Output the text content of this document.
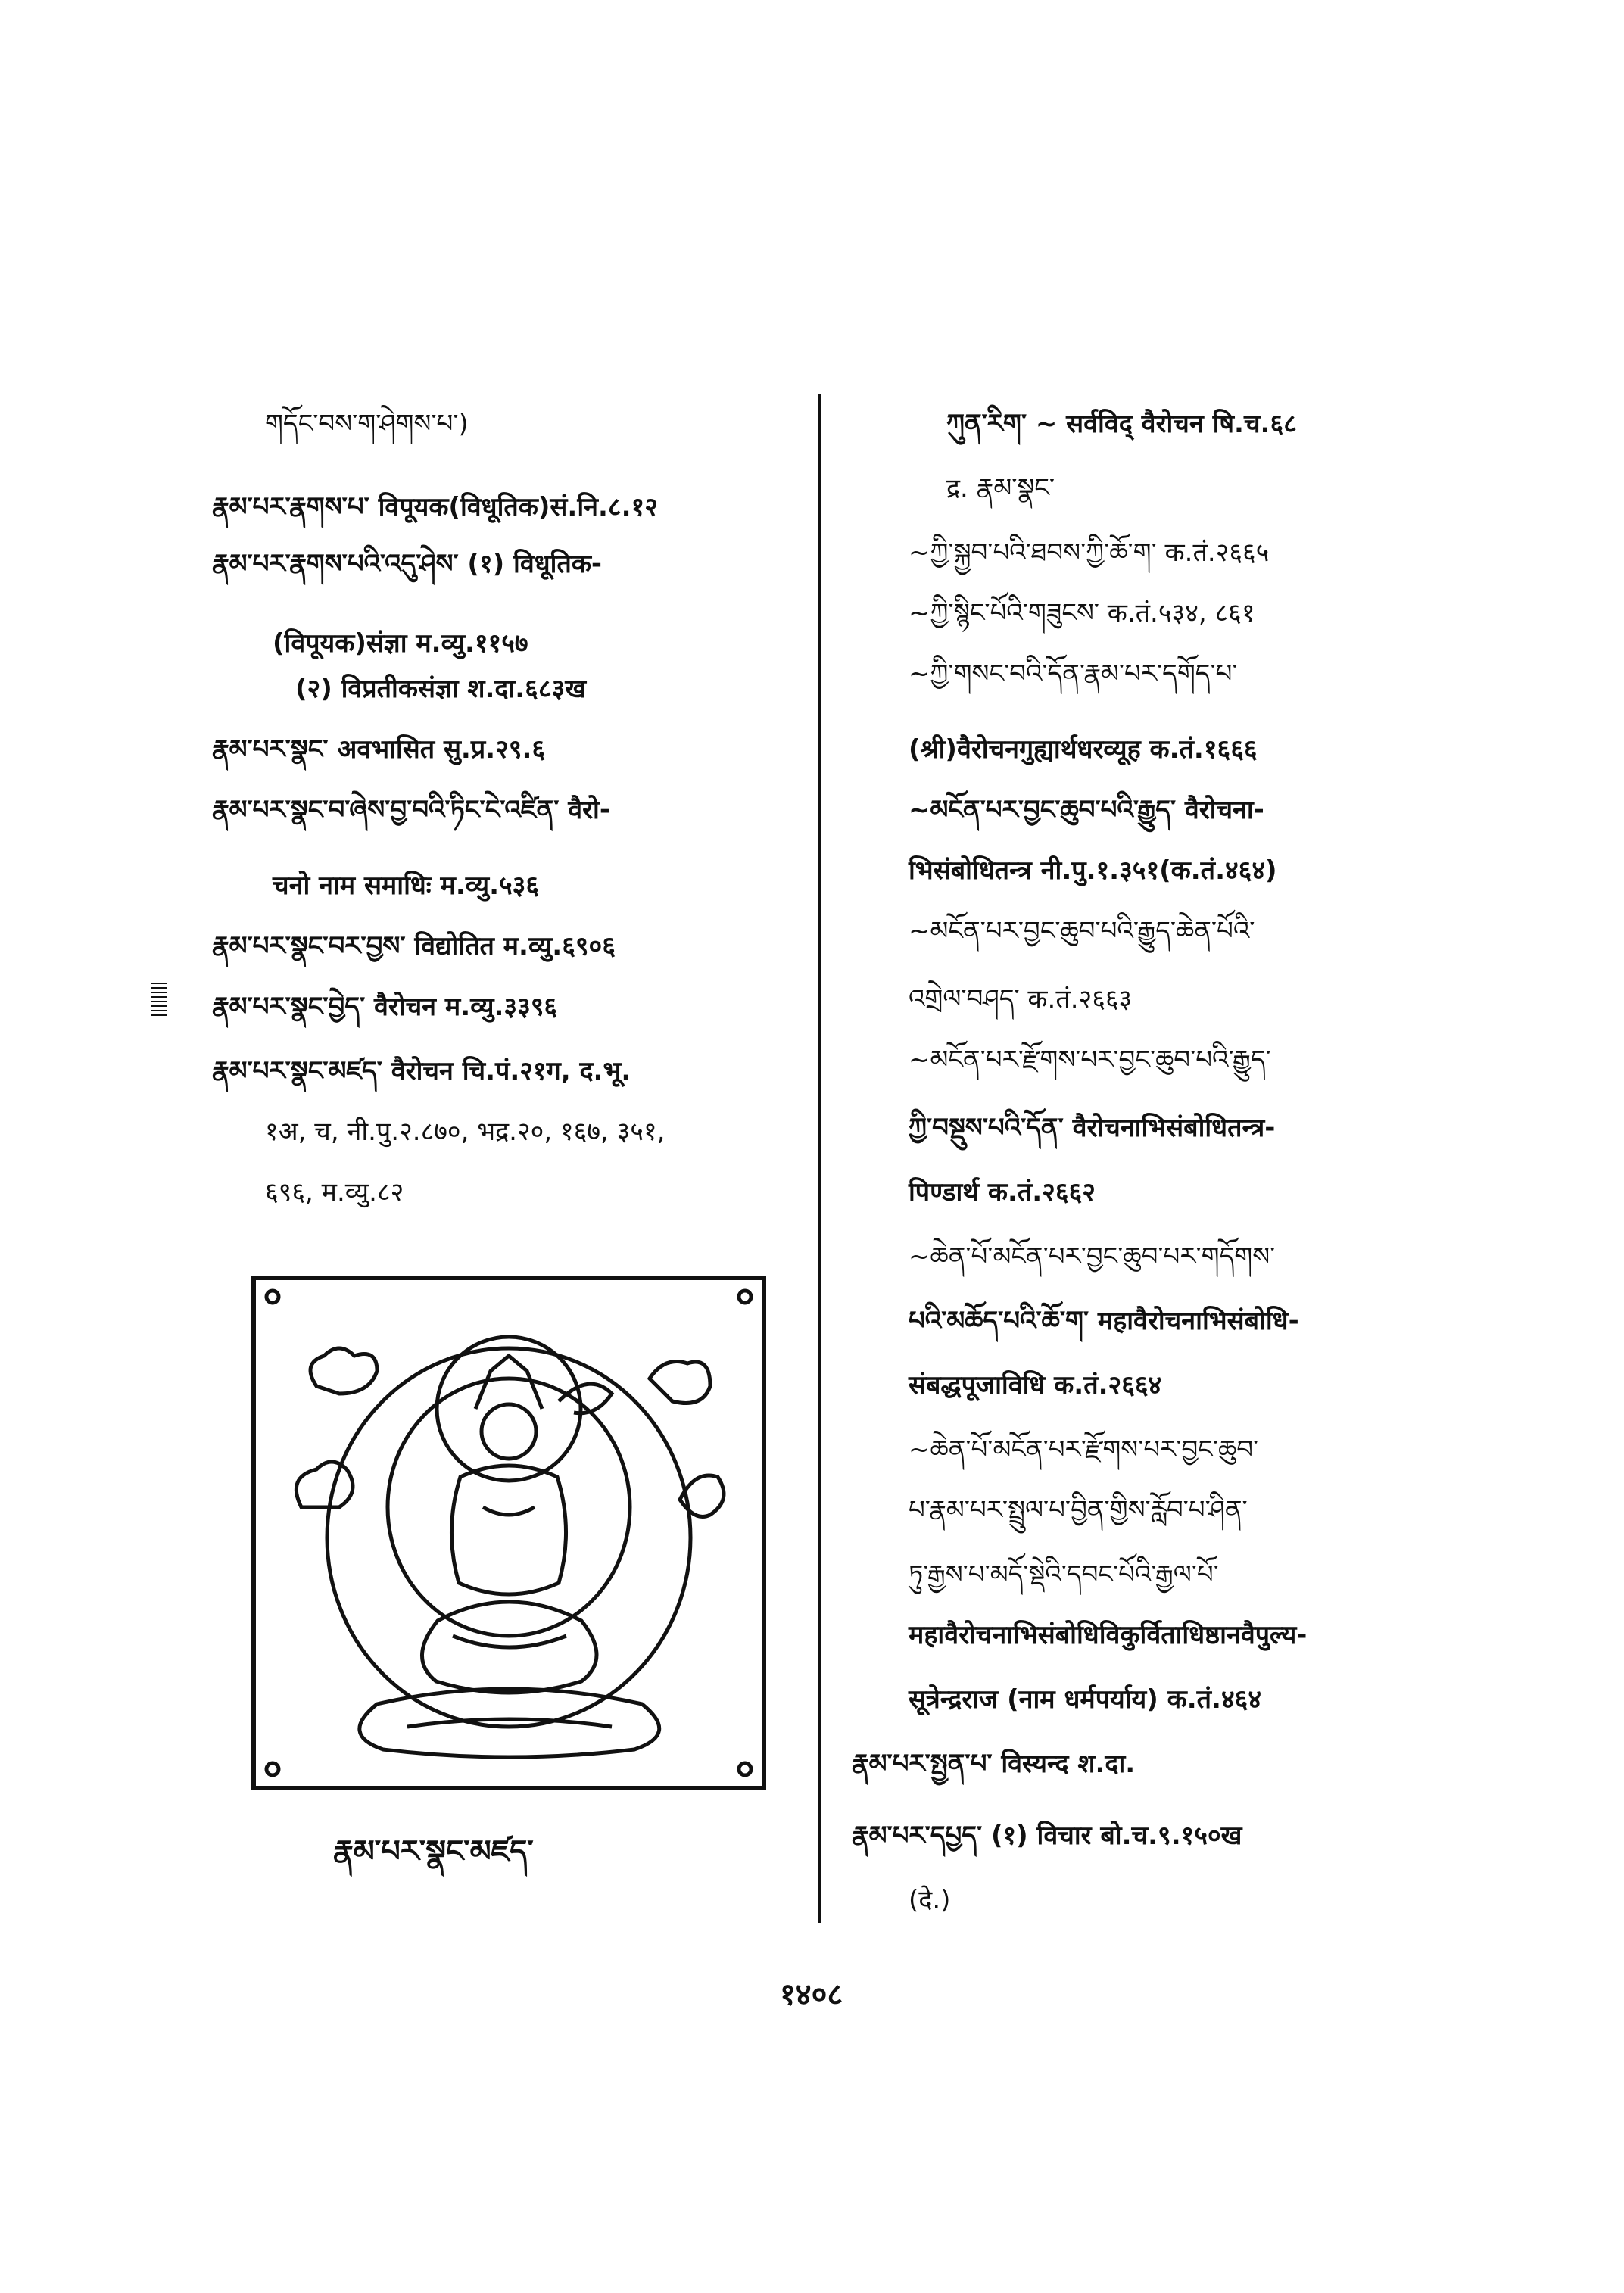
གདོང་བས་ག་ཤེགས་པ་)
རྣམ་པར་རྣགས་པ་ विपूयक(विधूतिक)सं.नि.८.१२
རྣམ་པར་རྣགས་པའི་འདུ་ཤེས་ (१) विधूतिक-
(विपूयक)संज्ञा म.व्यु.११५७
(२) विप्रतीकसंज्ञा श.दा.६८३ख
རྣམ་པར་སྣང་ अवभासित सु.प्र.२९.६
རྣམ་པར་སྣང་བ་ཞེས་བྱ་བའི་ཏིང་ངེ་འཛིན་ वैरो-
चनो नाम समाधिः म.व्यु.५३६
རྣམ་པར་སྣང་བར་བྱས་ विद्योतित म.व्यु.६९०६
རྣམ་པར་སྣང་བྱེད་ वैरोचन म.व्यु.३३९६
རྣམ་པར་སྣང་མཛད་ वैरोचन चि.पं.२१ग, द.भू.
१अ, च, नी.पु.२.८७०, भद्र.२०, १६७, ३५१,
६९६, म.व्यु.८२
ཀུན་རིག་ ~ सर्वविद् वैरोचन षि.च.६८
द्र. རྣམ་སྣང་
~ཀྱི་སྐྱབ་པའི་ཐབས་ཀྱི་ཆོ་ག་ क.तं.२६६५
~ཀྱི་སྙིང་པོའི་གཟུངས་ क.तं.५३४, ८६१
~ཀྱི་གསང་བའི་དོན་རྣམ་པར་དགོད་པ་
(श्री)वैरोचनगुह्यार्थधरव्यूह क.तं.१६६६
~མངོན་པར་བྱང་ཆུབ་པའི་རྒྱུད་ वैरोचना-
भिसंबोधितन्त्र नी.पु.१.३५१(क.तं.४६४)
~མངོན་པར་བྱང་ཆུབ་པའི་རྒྱུད་ཆེན་པོའི་
འགྲེལ་བཤད་ क.तं.२६६३
~མངོན་པར་རྫོགས་པར་བྱང་ཆུབ་པའི་རྒྱུད་
ཀྱི་བསྡུས་པའི་དོན་ वैरोचनाभिसंबोधितन्त्र-
पिण्डार्थ क.तं.२६६२
~ཆེན་པོ་མངོན་པར་བྱང་ཆུབ་པར་གདོགས་
པའི་མཆོད་པའི་ཆོ་ག་ महावैरोचनाभिसंबोधि-
संबद्धपूजाविधि क.तं.२६६४
~ཆེན་པོ་མངོན་པར་རྫོགས་པར་བྱང་ཆུབ་
པ་རྣམ་པར་སྤྲུལ་པ་བྱིན་གྱིས་རློབ་པ་ཤིན་
ཏུ་རྒྱས་པ་མདོ་སྡེའི་དབང་པོའི་རྒྱལ་པོ་
महावैरोचनाभिसंबोधिविकुर्विताधिष्ठानवैपुल्य-
सूत्रेन्द्रराज (नाम धर्मपर्याय) क.तं.४६४
རྣམ་པར་སྤྱན་པ་ विस्यन्द श.दा.
རྣམ་པར་དཔྱད་ (१) विचार बो.च.९.१५०ख
(दे.)
རྣམ་པར་སྣང་མཛད་
१४०८
